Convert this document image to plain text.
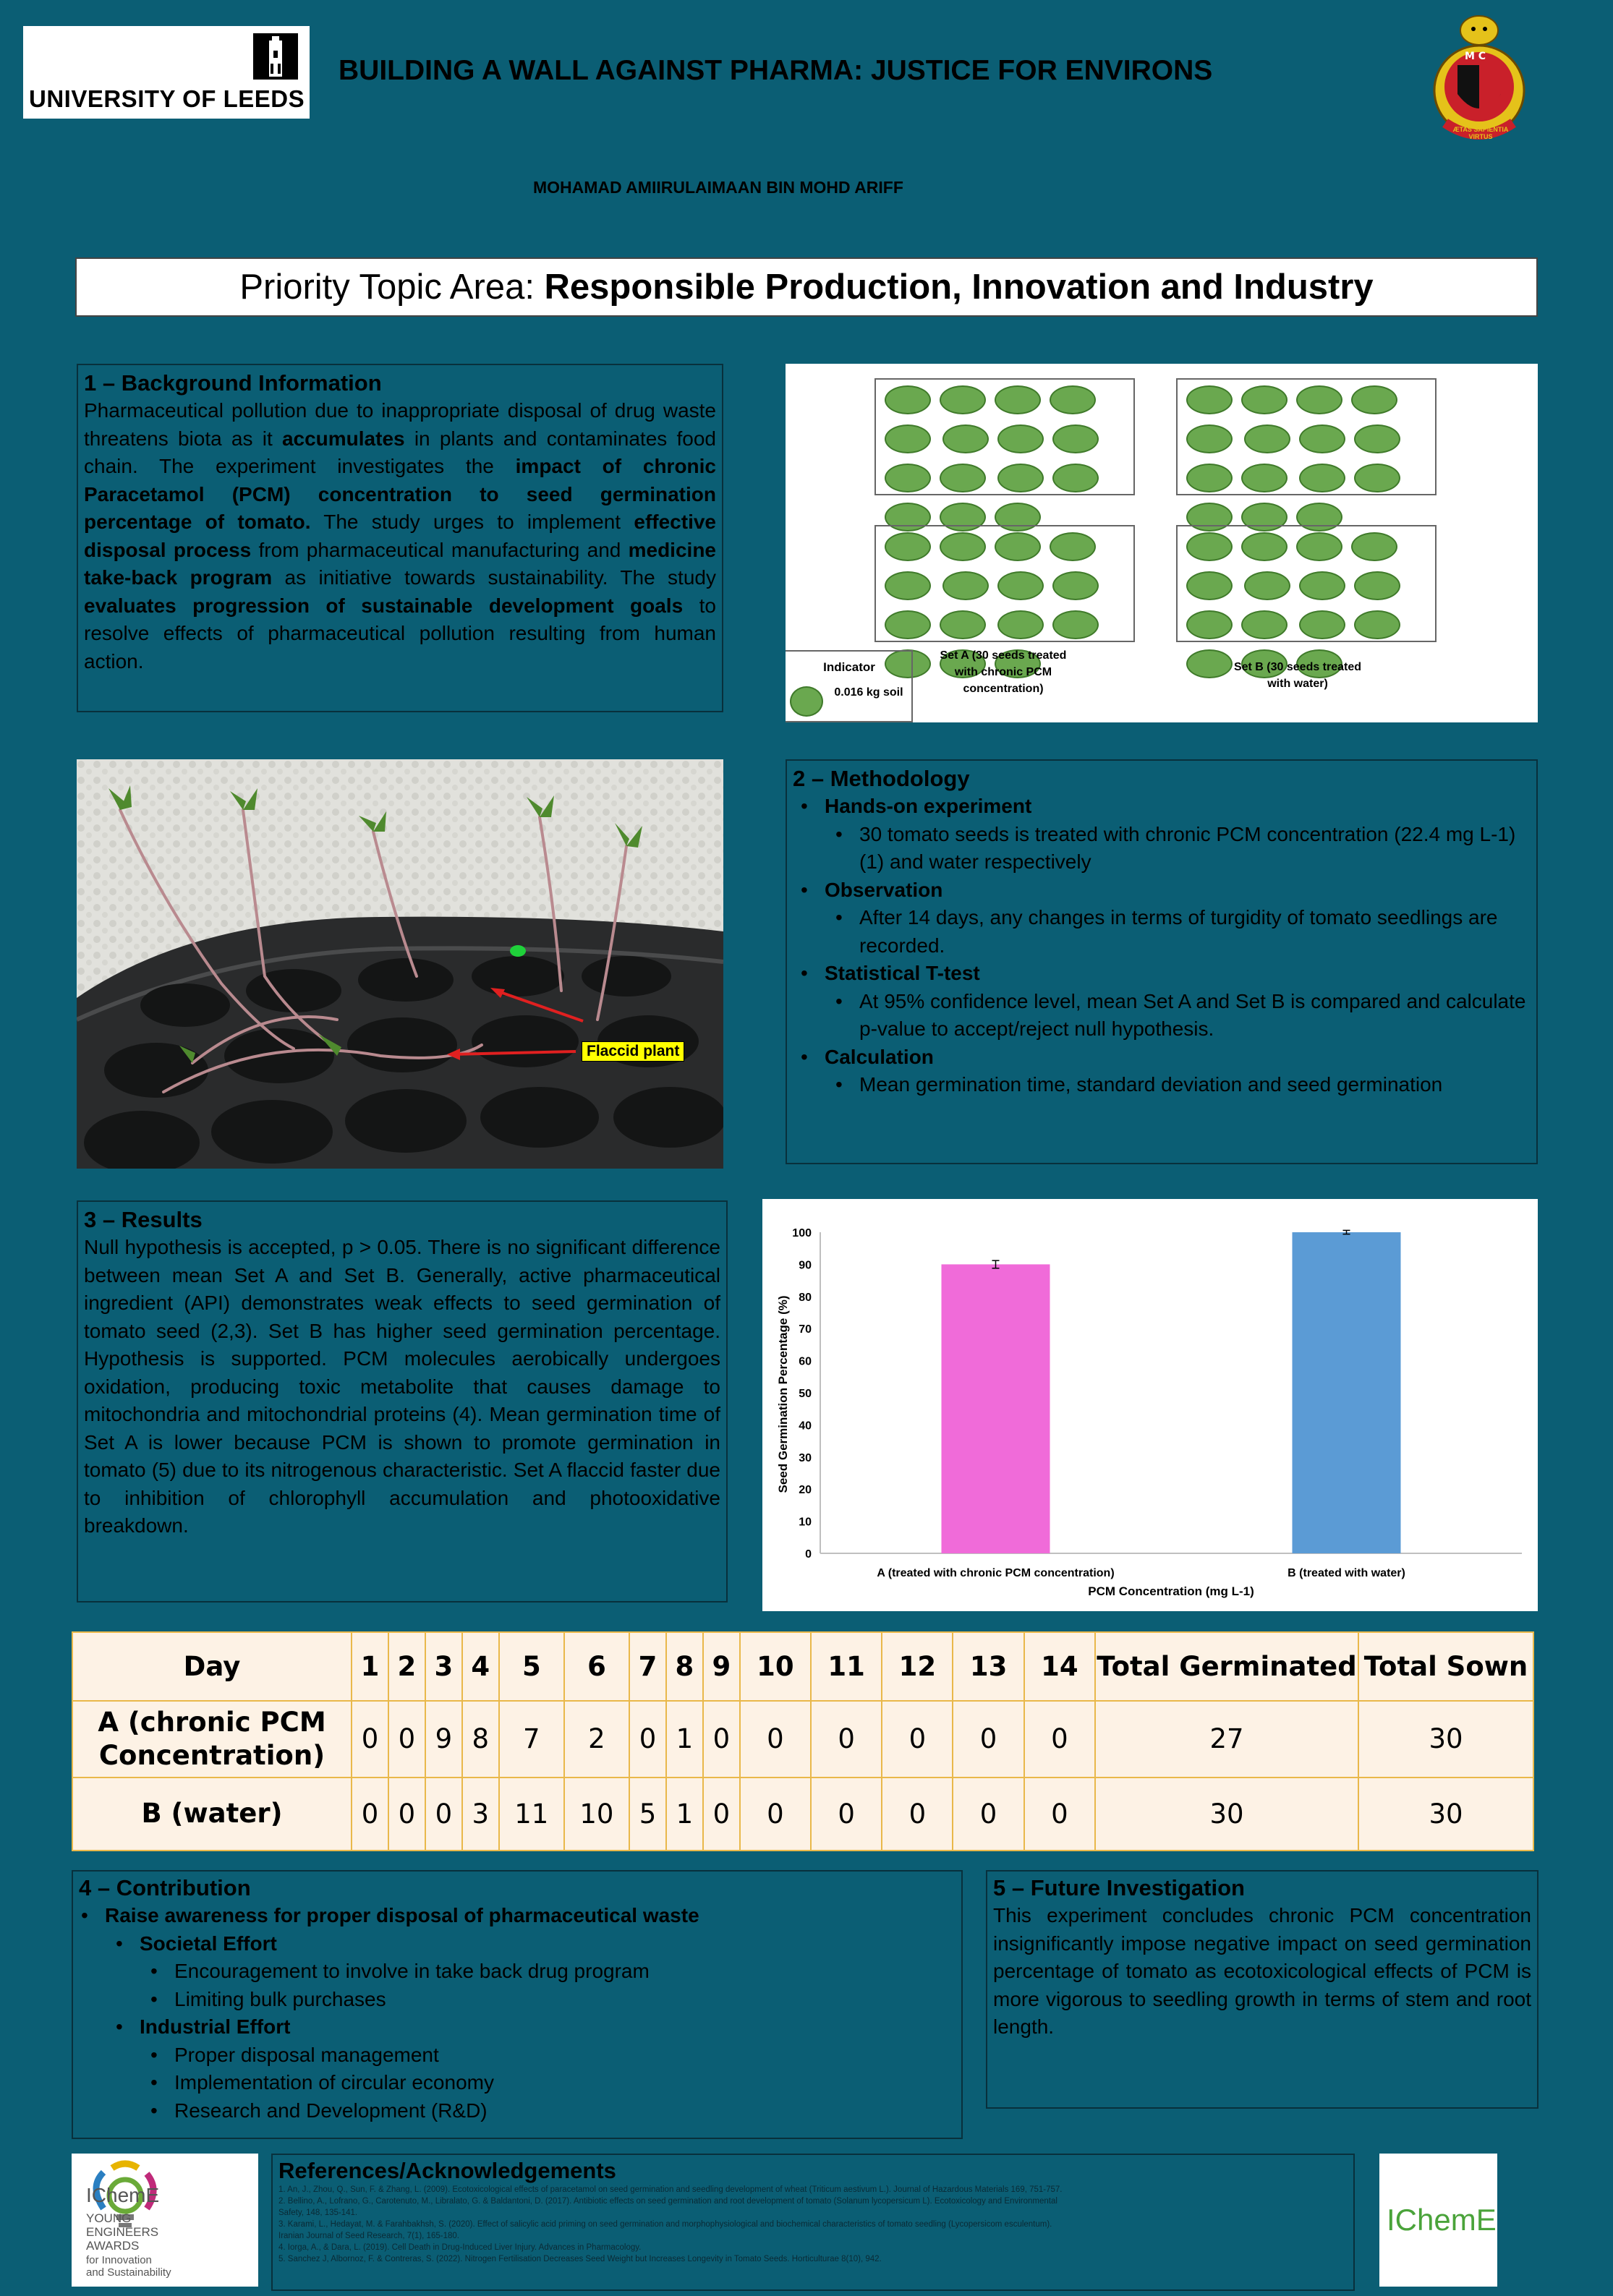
UNIVERSITY OF LEEDS
BUILDING A WALL AGAINST PHARMA: JUSTICE FOR ENVIRONS	M C
ÆTAS SAPIENTIA VIRTUS
MOHAMAD AMIIRULAIMAAN BIN MOHD ARIFF
Priority Topic Area: Responsible Production, Innovation and Industry
1 – Background Information
Pharmaceutical pollution due to inappropriate disposal of drug waste threatens biota as it accumulates in plants and contaminates food chain. The experiment investigates the impact of chronic Paracetamol (PCM) concentration to seed germination percentage of tomato. The study urges to implement effective disposal process from pharmaceutical manufacturing and medicine take-back program as initiative towards sustainability. The study evaluates progression of sustainable development goals to resolve effects of pharmaceutical pollution resulting from human action.

	Indicator
0.016 kg soil
Set A (30 seeds treated with chronic PCM concentration)
Set B (30 seeds treated with water)
Flaccid plant
2 – Methodology
• Hands-on experiment
• 30 tomato seeds is treated with chronic PCM concentration (22.4 mg L-1) (1) and water respectively
• Observation
• After 14 days, any changes in terms of turgidity of tomato seedlings are recorded.
• Statistical T-test
• At 95% confidence level, mean Set A and Set B is compared and calculate p-value to accept/reject null hypothesis.
• Calculation
• Mean germination time, standard deviation and seed germination
3 – Results
Null hypothesis is accepted, p > 0.05. There is no significant difference between mean Set A and Set B. Generally, active pharmaceutical ingredient (API) demonstrates weak effects to seed germination of tomato seed (2,3). Set B has higher seed germination percentage. Hypothesis is supported. PCM molecules aerobically undergoes oxidation, producing toxic metabolite that causes damage to mitochondria and mitochondrial proteins (4). Mean germination time of Set A is lower because PCM is shown to promote germination in tomato (5) due to its nitrogenous characteristic. Set A flaccid faster due to inhibition of chlorophyll accumulation and photooxidative breakdown.
0
10
20
30
40
50
60
70
80
90
100
A (treated with chronic PCM concentration)	B (treated with water)
Seed Germination Percentage (%)
PCM Concentration (mg L-1)
Day	1	2	3	4	5	6	7	8	9	10	11	12	13	14	Total Germinated	Total Sown
A (chronic PCM Concentration)	0	0	9	8	7	2	0	1	0	0	0	0	0	0	27	30
B (water)	0	0	0	3	11	10	5	1	0	0	0	0	0	0	30	30
4 – Contribution
• Raise awareness for proper disposal of pharmaceutical waste
• Societal Effort
• Encouragement to involve in take back drug program
• Limiting bulk purchases
• Industrial Effort
• Proper disposal management
• Implementation of circular economy
• Research and Development (R&D)
5 – Future Investigation
This experiment concludes chronic PCM concentration insignificantly impose negative impact on seed germination percentage of tomato as ecotoxicological effects of PCM is more vigorous to seedling growth in terms of stem and root length.
IChemE
YOUNG
ENGINEERS
AWARDS
for Innovation
and Sustainability
References/Acknowledgements
1. An, J., Zhou, Q., Sun, F. & Zhang, L. (2009). Ecotoxicological effects of paracetamol on seed germination and seedling development of wheat (Triticum aestivum L.). Journal of Hazardous Materials 169, 751-757.
2. Bellino, A., Lofrano, G., Carotenuto, M., Libralato, G. & Baldantoni, D. (2017). Antibiotic effects on seed germination and root development of tomato (Solanum lycopersicum L). Ecotoxicology and Environmental
Safety, 148, 135-141.
3. Karami, L., Hedayat, M. & Farahbakhsh, S. (2020). Effect of salicylic acid priming on seed germination and morphophysiological and biochemical characteristics of tomato seedling (Lycopersicom esculentum).
Iranian Journal of Seed Research, 7(1), 165-180.
4. Iorga, A., & Dara, L. (2019). Cell Death in Drug-Induced Liver Injury. Advances in Pharmacology.
5. Sanchez J, Albornoz, F. & Contreras, S. (2022). Nitrogen Fertilisation Decreases Seed Weight but Increases Longevity in Tomato Seeds. Horticulturae 8(10), 942.
IChemE
